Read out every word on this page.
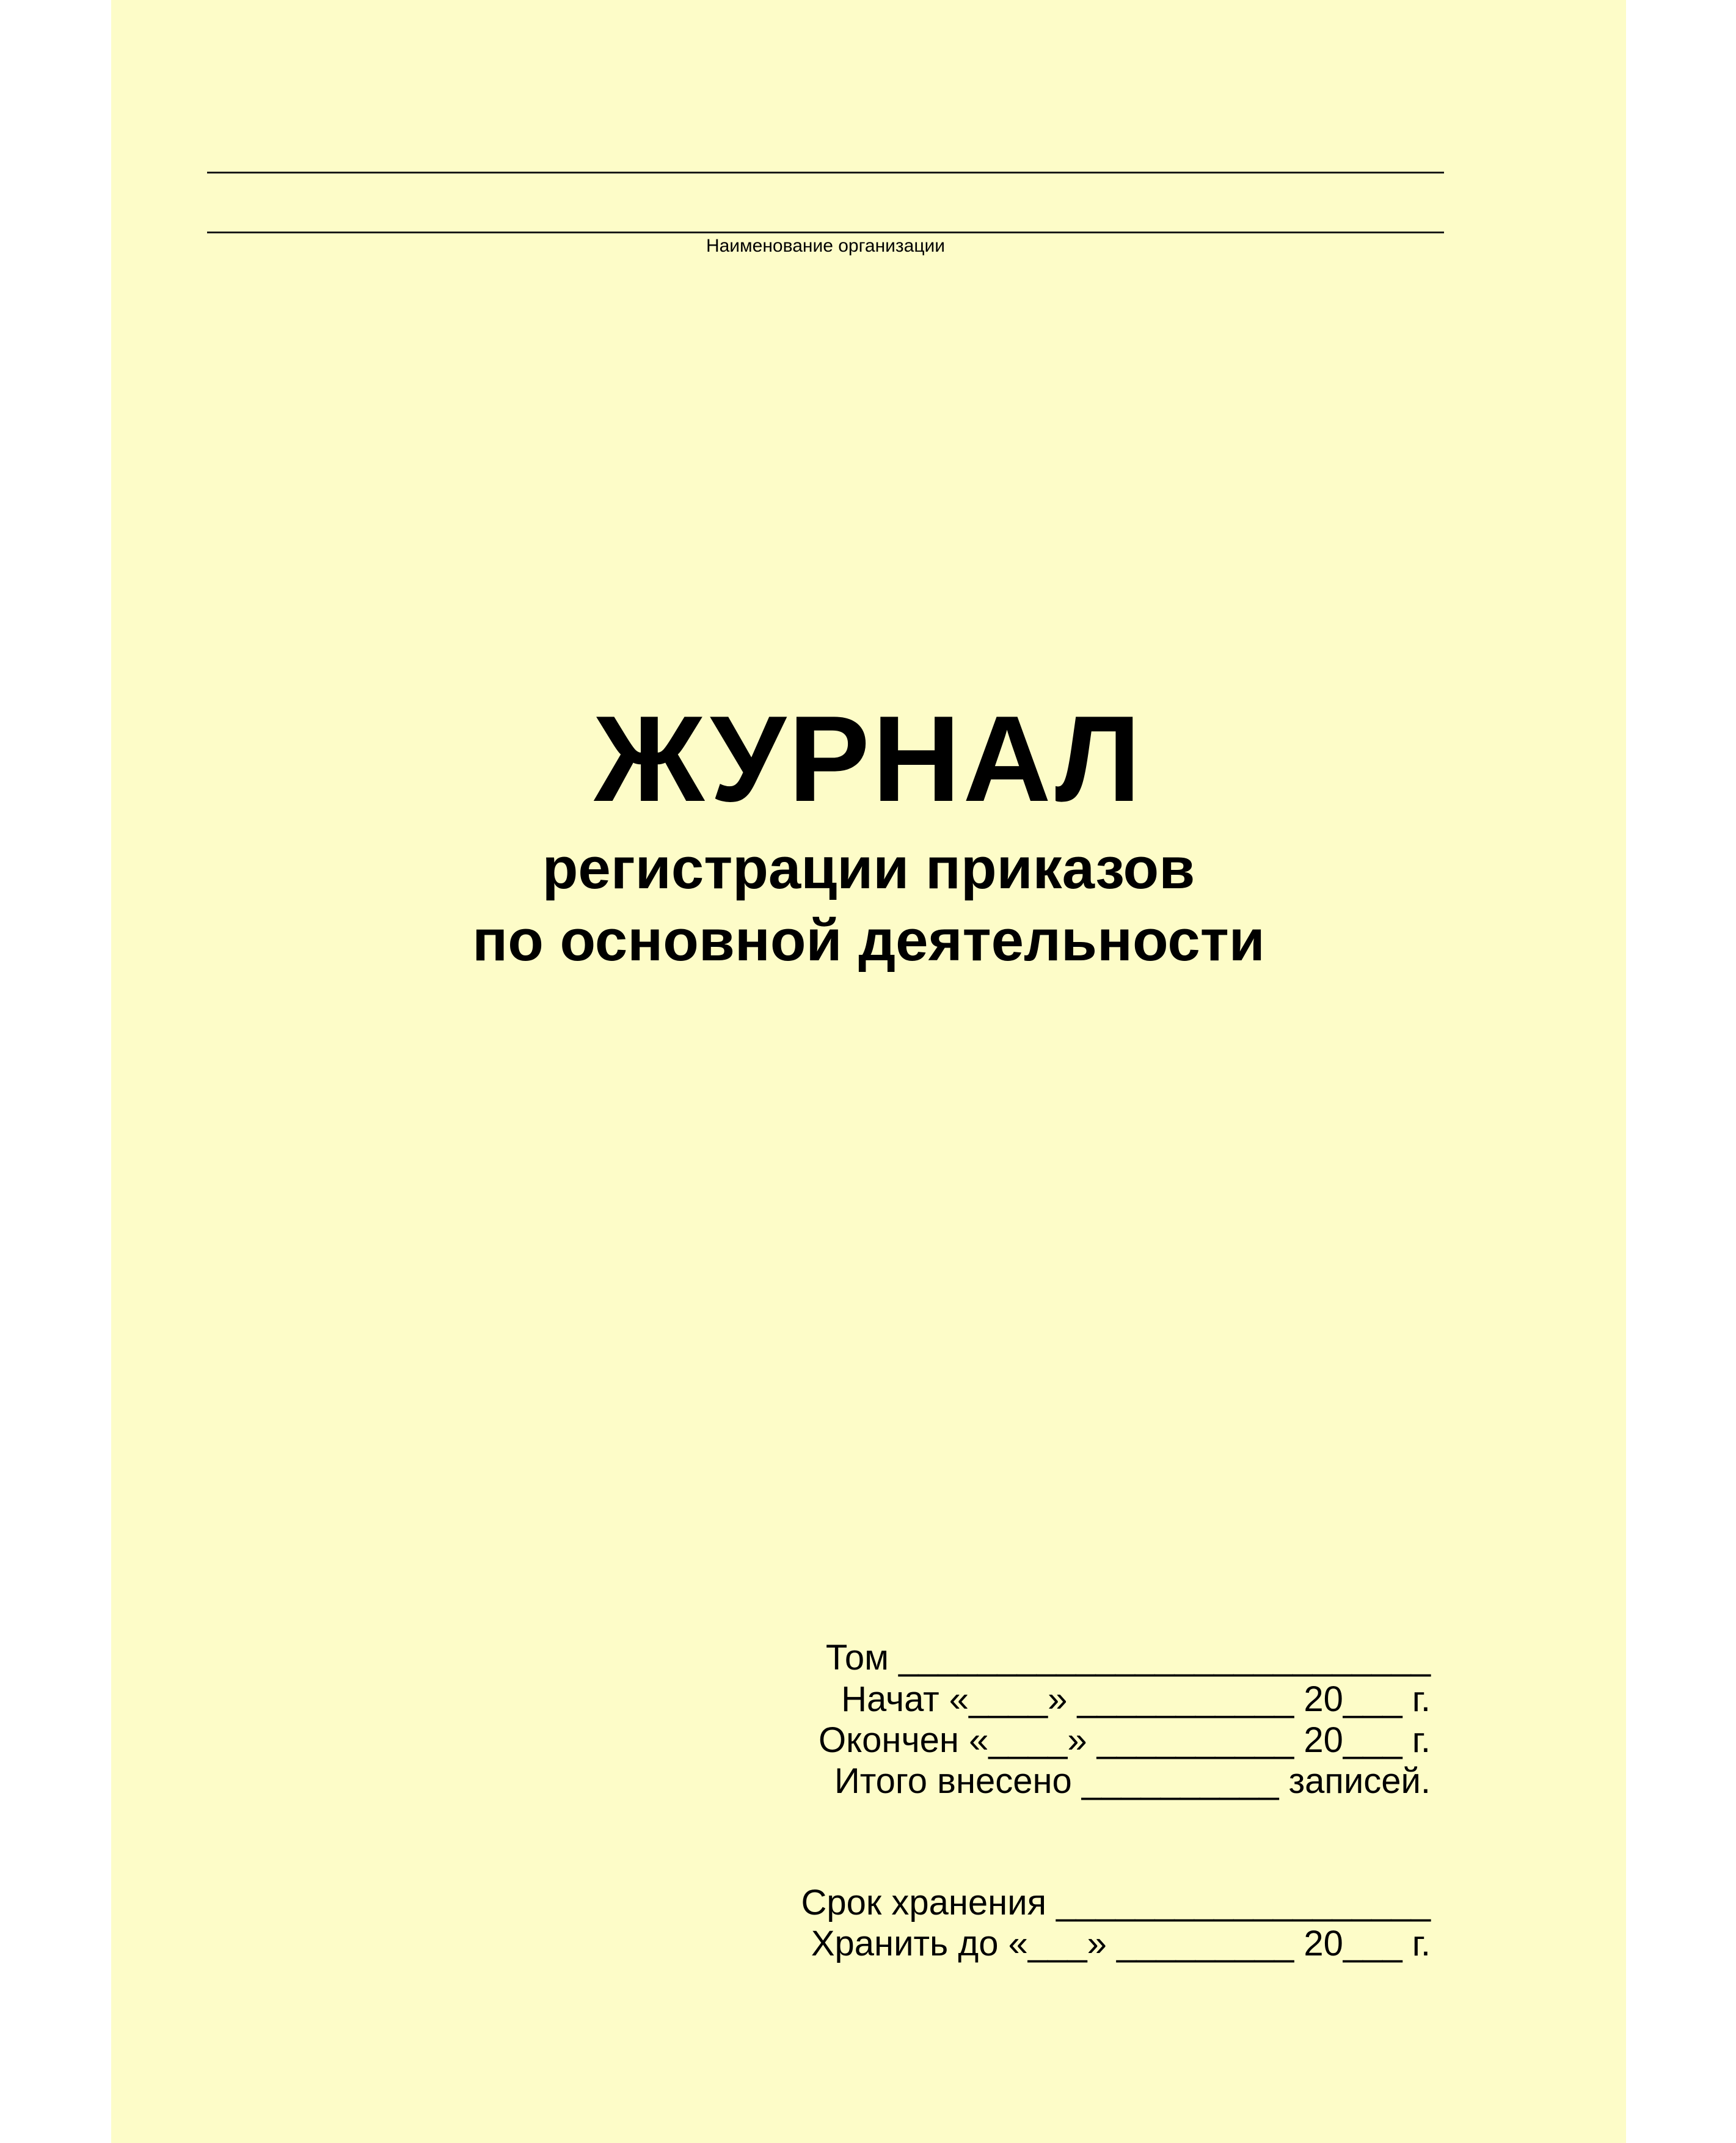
Наименование организации
ЖУРНАЛ
регистрации приказов
по основной деятельности
Том ___________________________
Начат «____» ___________ 20___ г.
Окончен «____» __________ 20___ г.
Итого внесено __________ записей.
Срок хранения ___________________
Хранить до «___» _________ 20___ г.
